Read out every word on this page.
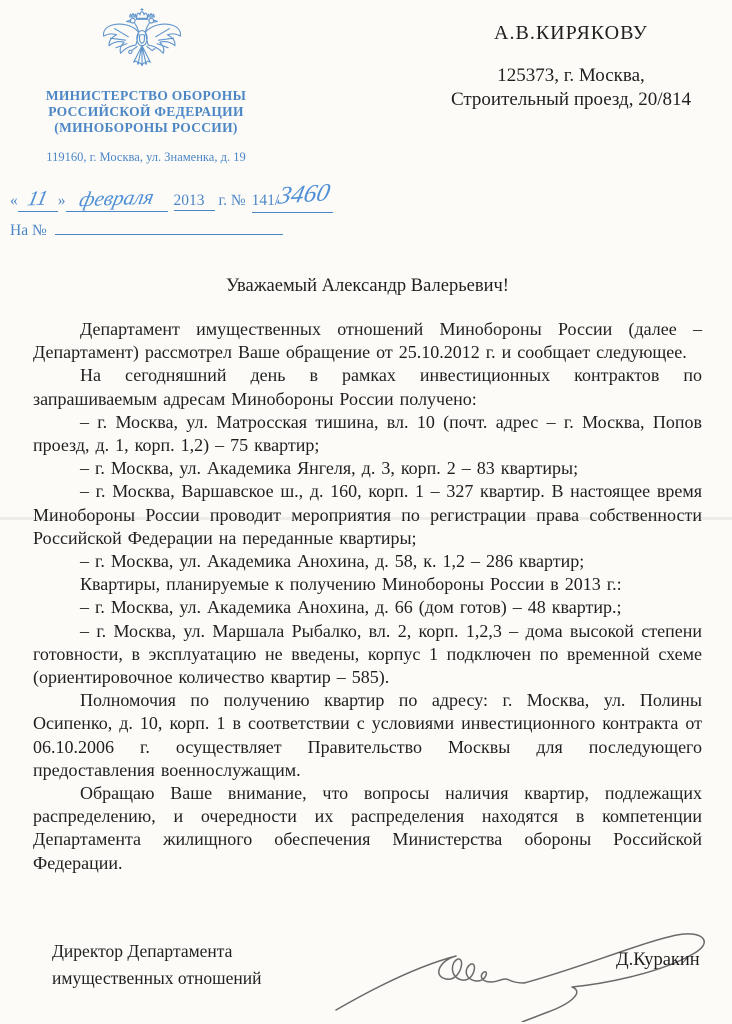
МИНИСТЕРСТВО ОБОРОНЫ
РОССИЙСКОЙ ФЕДЕРАЦИИ
(МИНОБОРОНЫ РОССИИ)
119160, г. Москва, ул. Знаменка, д. 19
« 11 » февраля	2013 г. № 141/3460
На №
А.В.КИРЯКОВУ
125373, г. Москва,
Строительный проезд, 20/814
Уважаемый Александр Валерьевич!

Департамент имущественных отношений Минобороны России (далее – Департамент) рассмотрел Ваше обращение от 25.10.2012 г. и сообщает следующее.

На сегодняшний день в рамках инвестиционных контрактов по запрашиваемым адресам Минобороны России получено:

– г. Москва, ул. Матросская тишина, вл. 10 (почт. адрес – г. Москва, Попов проезд, д. 1, корп. 1,2) – 75 квартир;

– г. Москва, ул. Академика Янгеля, д. 3, корп. 2 – 83 квартиры;

– г. Москва, Варшавское ш., д. 160, корп. 1 – 327 квартир. В настоящее время Минобороны России проводит мероприятия по регистрации права собственности Российской Федерации на переданные квартиры;

– г. Москва, ул. Академика Анохина, д. 58, к. 1,2 – 286 квартир;

Квартиры, планируемые к получению Минобороны России в 2013 г.:

– г. Москва, ул. Академика Анохина, д. 66 (дом готов) – 48 квартир.;

– г. Москва, ул. Маршала Рыбалко, вл. 2, корп. 1,2,3 – дома высокой степени готовности, в эксплуатацию не введены, корпус 1 подключен по временной схеме (ориентировочное количество квартир – 585).

Полномочия по получению квартир по адресу: г. Москва, ул. Полины Осипенко, д. 10, корп. 1 в соответствии с условиями инвестиционного контракта от 06.10.2006 г. осуществляет Правительство Москвы для последующего предоставления военнослужащим.

Обращаю Ваше внимание, что вопросы наличия квартир, подлежащих распределению, и очередности их распределения находятся в компетенции Департамента жилищного обеспечения Министерства обороны Российской Федерации.

Директор Департамента
имущественных отношений
Д.Куракин
